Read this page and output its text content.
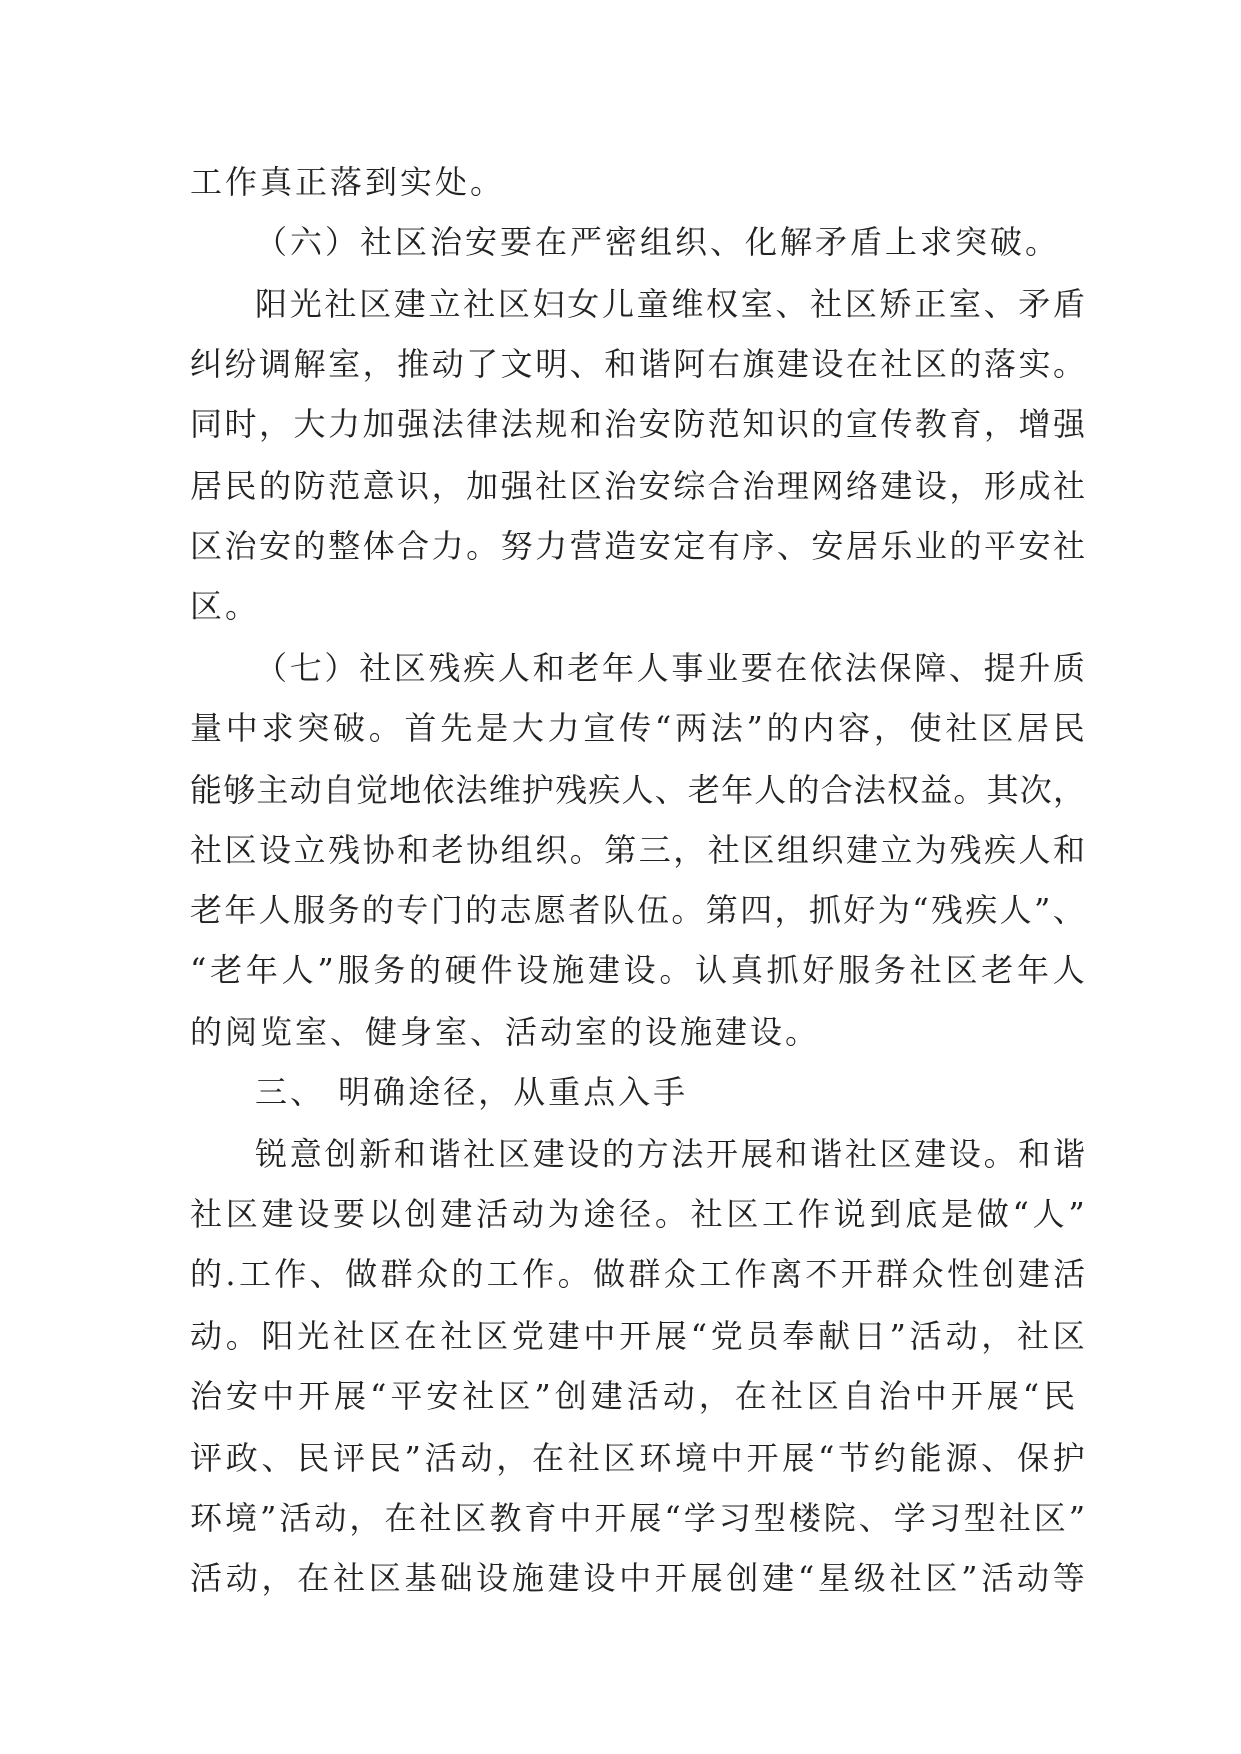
工作真正落到实处。
（六）社区治安要在严密组织、化解矛盾上求突破。
阳光社区建立社区妇女儿童维权室、社区矫正室、矛盾
纠纷调解室，推动了文明、和谐阿右旗建设在社区的落实。
同时，大力加强法律法规和治安防范知识的宣传教育，增强
居民的防范意识，加强社区治安综合治理网络建设，形成社
区治安的整体合力。努力营造安定有序、安居乐业的平安社
区。
（七）社区残疾人和老年人事业要在依法保障、提升质
量中求突破。首先是大力宣传“两法”的内容，使社区居民
能够主动自觉地依法维护残疾人、老年人的合法权益。其次，
社区设立残协和老协组织。第三，社区组织建立为残疾人和
老年人服务的专门的志愿者队伍。第四，抓好为“残疾人”、
“老年人”服务的硬件设施建设。认真抓好服务社区老年人
的阅览室、健身室、活动室的设施建设。
三、 明确途径，从重点入手
锐意创新和谐社区建设的方法开展和谐社区建设。和谐
社区建设要以创建活动为途径。社区工作说到底是做“人”
的.工作、做群众的工作。做群众工作离不开群众性创建活
动。阳光社区在社区党建中开展“党员奉献日”活动，社区
治安中开展“平安社区”创建活动，在社区自治中开展“民
评政、民评民”活动，在社区环境中开展“节约能源、保护
环境”活动，在社区教育中开展“学习型楼院、学习型社区”
活动，在社区基础设施建设中开展创建“星级社区”活动等
